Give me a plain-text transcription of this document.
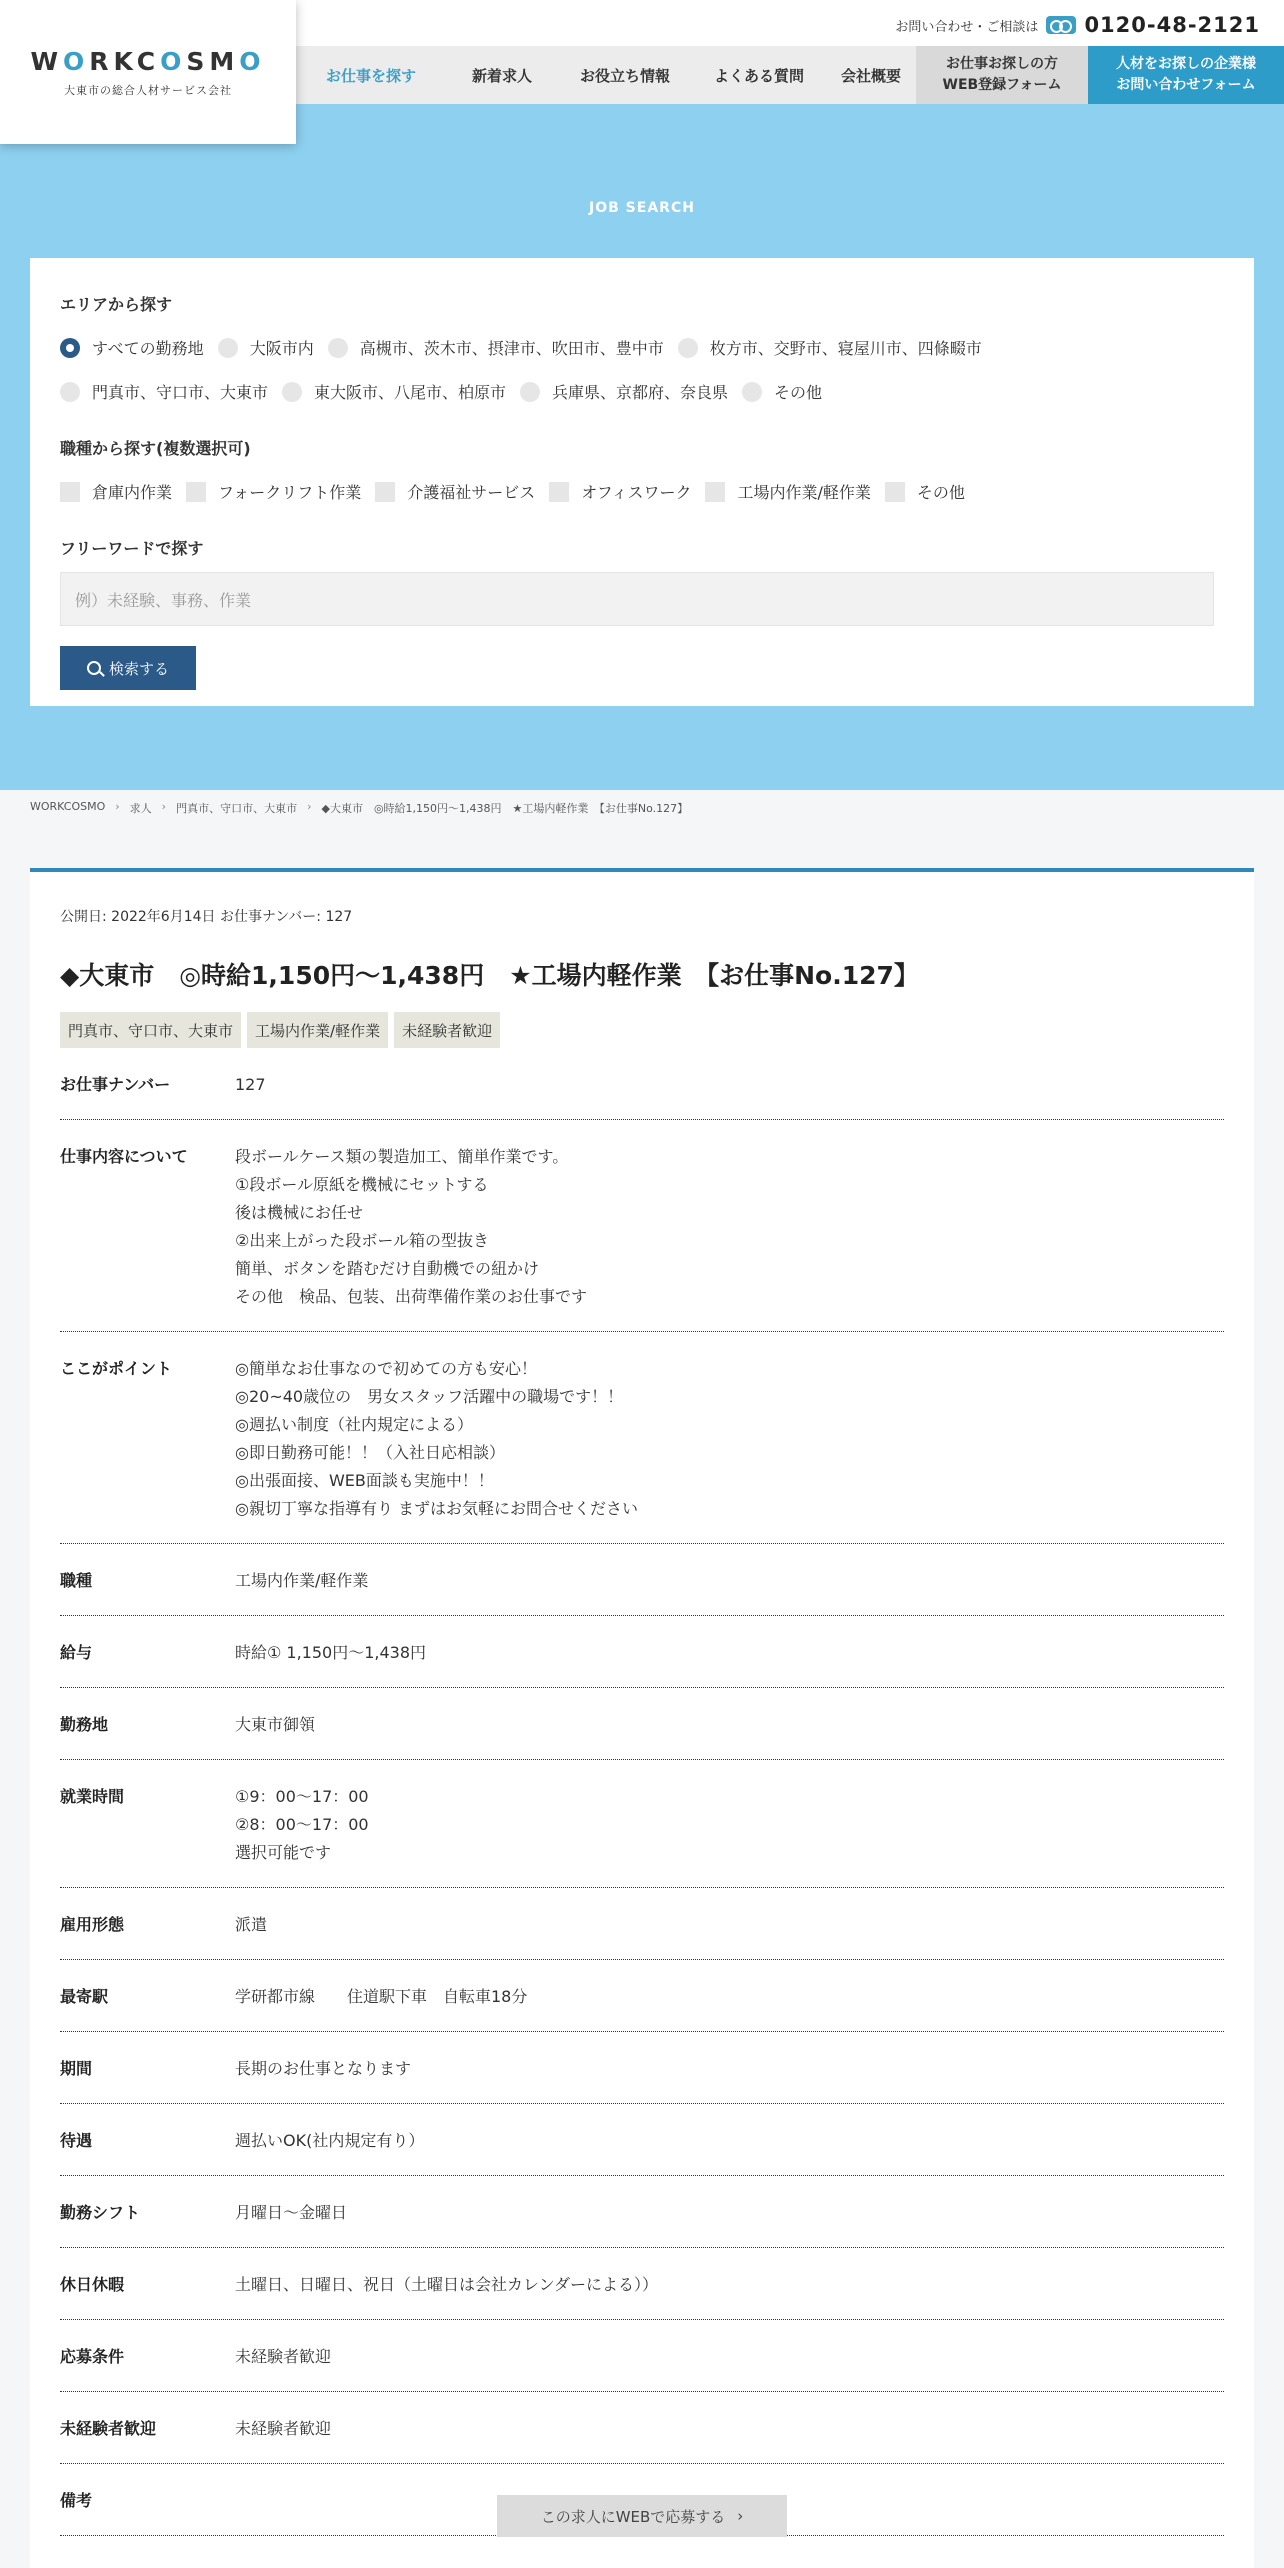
WORKCOSMO
大東市の総合人材サービス会社
お問い合わせ・ご相談は 0120-48-2121
お仕事を探す	新着求人	お役立ち情報	よくある質問	会社概要
お仕事お探しの方
WEB登録フォーム
人材をお探しの企業様
お問い合わせフォーム
JOB SEARCH
エリアから探す
すべての勤務地	大阪市内	高槻市、茨木市、摂津市、吹田市、豊中市	枚方市、交野市、寝屋川市、四條畷市
門真市、守口市、大東市	東大阪市、八尾市、柏原市	兵庫県、京都府、奈良県	その他
職種から探す(複数選択可)
倉庫内作業	フォークリフト作業	介護福祉サービス	オフィスワーク	工場内作業/軽作業	その他
フリーワードで探す
例）未経験、事務、作業
検索する
WORKCOSMO › 求人 › 門真市、守口市、大東市 › ◆大東市　◎時給1,150円〜1,438円　★工場内軽作業　【お仕事No.127】
公開日: 2022年6月14日 お仕事ナンバー: 127
◆大東市　◎時給1,150円〜1,438円　★工場内軽作業　【お仕事No.127】
門真市、守口市、大東市	工場内作業/軽作業	未経験者歓迎
お仕事ナンバー	127
仕事内容について	段ボールケース類の製造加工、簡単作業です。
①段ボール原紙を機械にセットする
後は機械にお任せ
②出来上がった段ボール箱の型抜き
簡単、ボタンを踏むだけ自動機での紐かけ
その他　検品、包装、出荷準備作業のお仕事です
ここがポイント	◎簡単なお仕事なので初めての方も安心！
◎20~40歳位の　男女スタッフ活躍中の職場です！！
◎週払い制度（社内規定による）
◎即日勤務可能！！（入社日応相談）
◎出張面接、WEB面談も実施中！！
◎親切丁寧な指導有り まずはお気軽にお問合せください
職種	工場内作業/軽作業
給与	時給① 1,150円〜1,438円
勤務地	大東市御領
就業時間	①9：00〜17：00
②8：00〜17：00
選択可能です
雇用形態	派遣
最寄駅	学研都市線　　住道駅下車　自転車18分
期間	長期のお仕事となります
待遇	週払いOK(社内規定有り）
勤務シフト	月曜日〜金曜日
休日休暇	土曜日、日曜日、祝日（土曜日は会社カレンダーによる））
応募条件	未経験者歓迎
未経験者歓迎	未経験者歓迎
備考
この求人にWEBで応募する ›
